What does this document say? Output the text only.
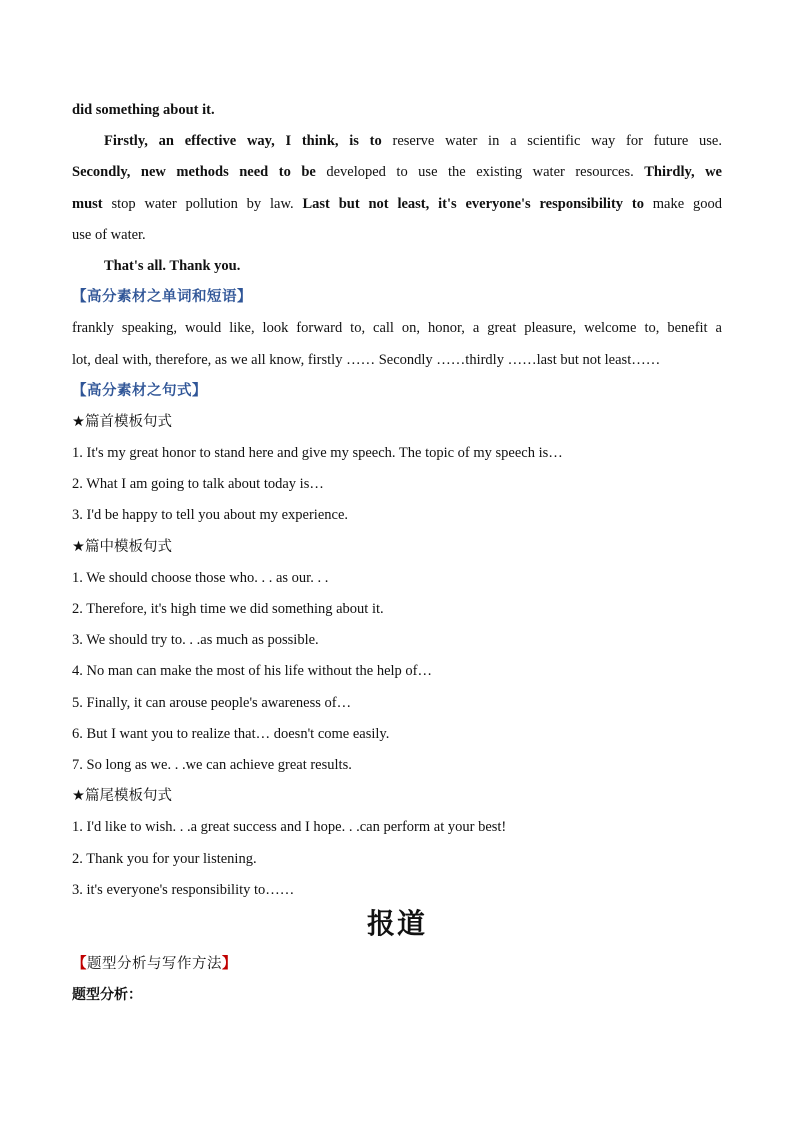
did something about it.
Firstly, an effective way, I think, is to reserve water in a scientific way for future use.
Secondly, new methods need to be developed to use the existing water resources. Thirdly, we
must stop water pollution by law. Last but not least, it's everyone's responsibility to make good
use of water.
That's all. Thank you.
【高分素材之单词和短语】
frankly speaking, would like, look forward to, call on, honor, a great pleasure, welcome to, benefit a
lot, deal with, therefore, as we all know, firstly …… Secondly ……thirdly ……last but not least……
【高分素材之句式】
★篇首模板句式
1. It's my great honor to stand here and give my speech. The topic of my speech is…
2. What I am going to talk about today is…
3. I'd be happy to tell you about my experience.
★篇中模板句式
1. We should choose those who. . . as our. . .
2. Therefore, it's high time we did something about it.
3. We should try to. . .as much as possible.
4. No man can make the most of his life without the help of…
5. Finally, it can arouse people's awareness of…
6. But I want you to realize that… doesn't come easily.
7. So long as we. . .we can achieve great results.
★篇尾模板句式
1. I'd like to wish. . .a great success and I hope. . .can perform at your best!
2. Thank you for your listening.
3. it's everyone's responsibility to……
报道
【题型分析与写作方法】
题型分析：
